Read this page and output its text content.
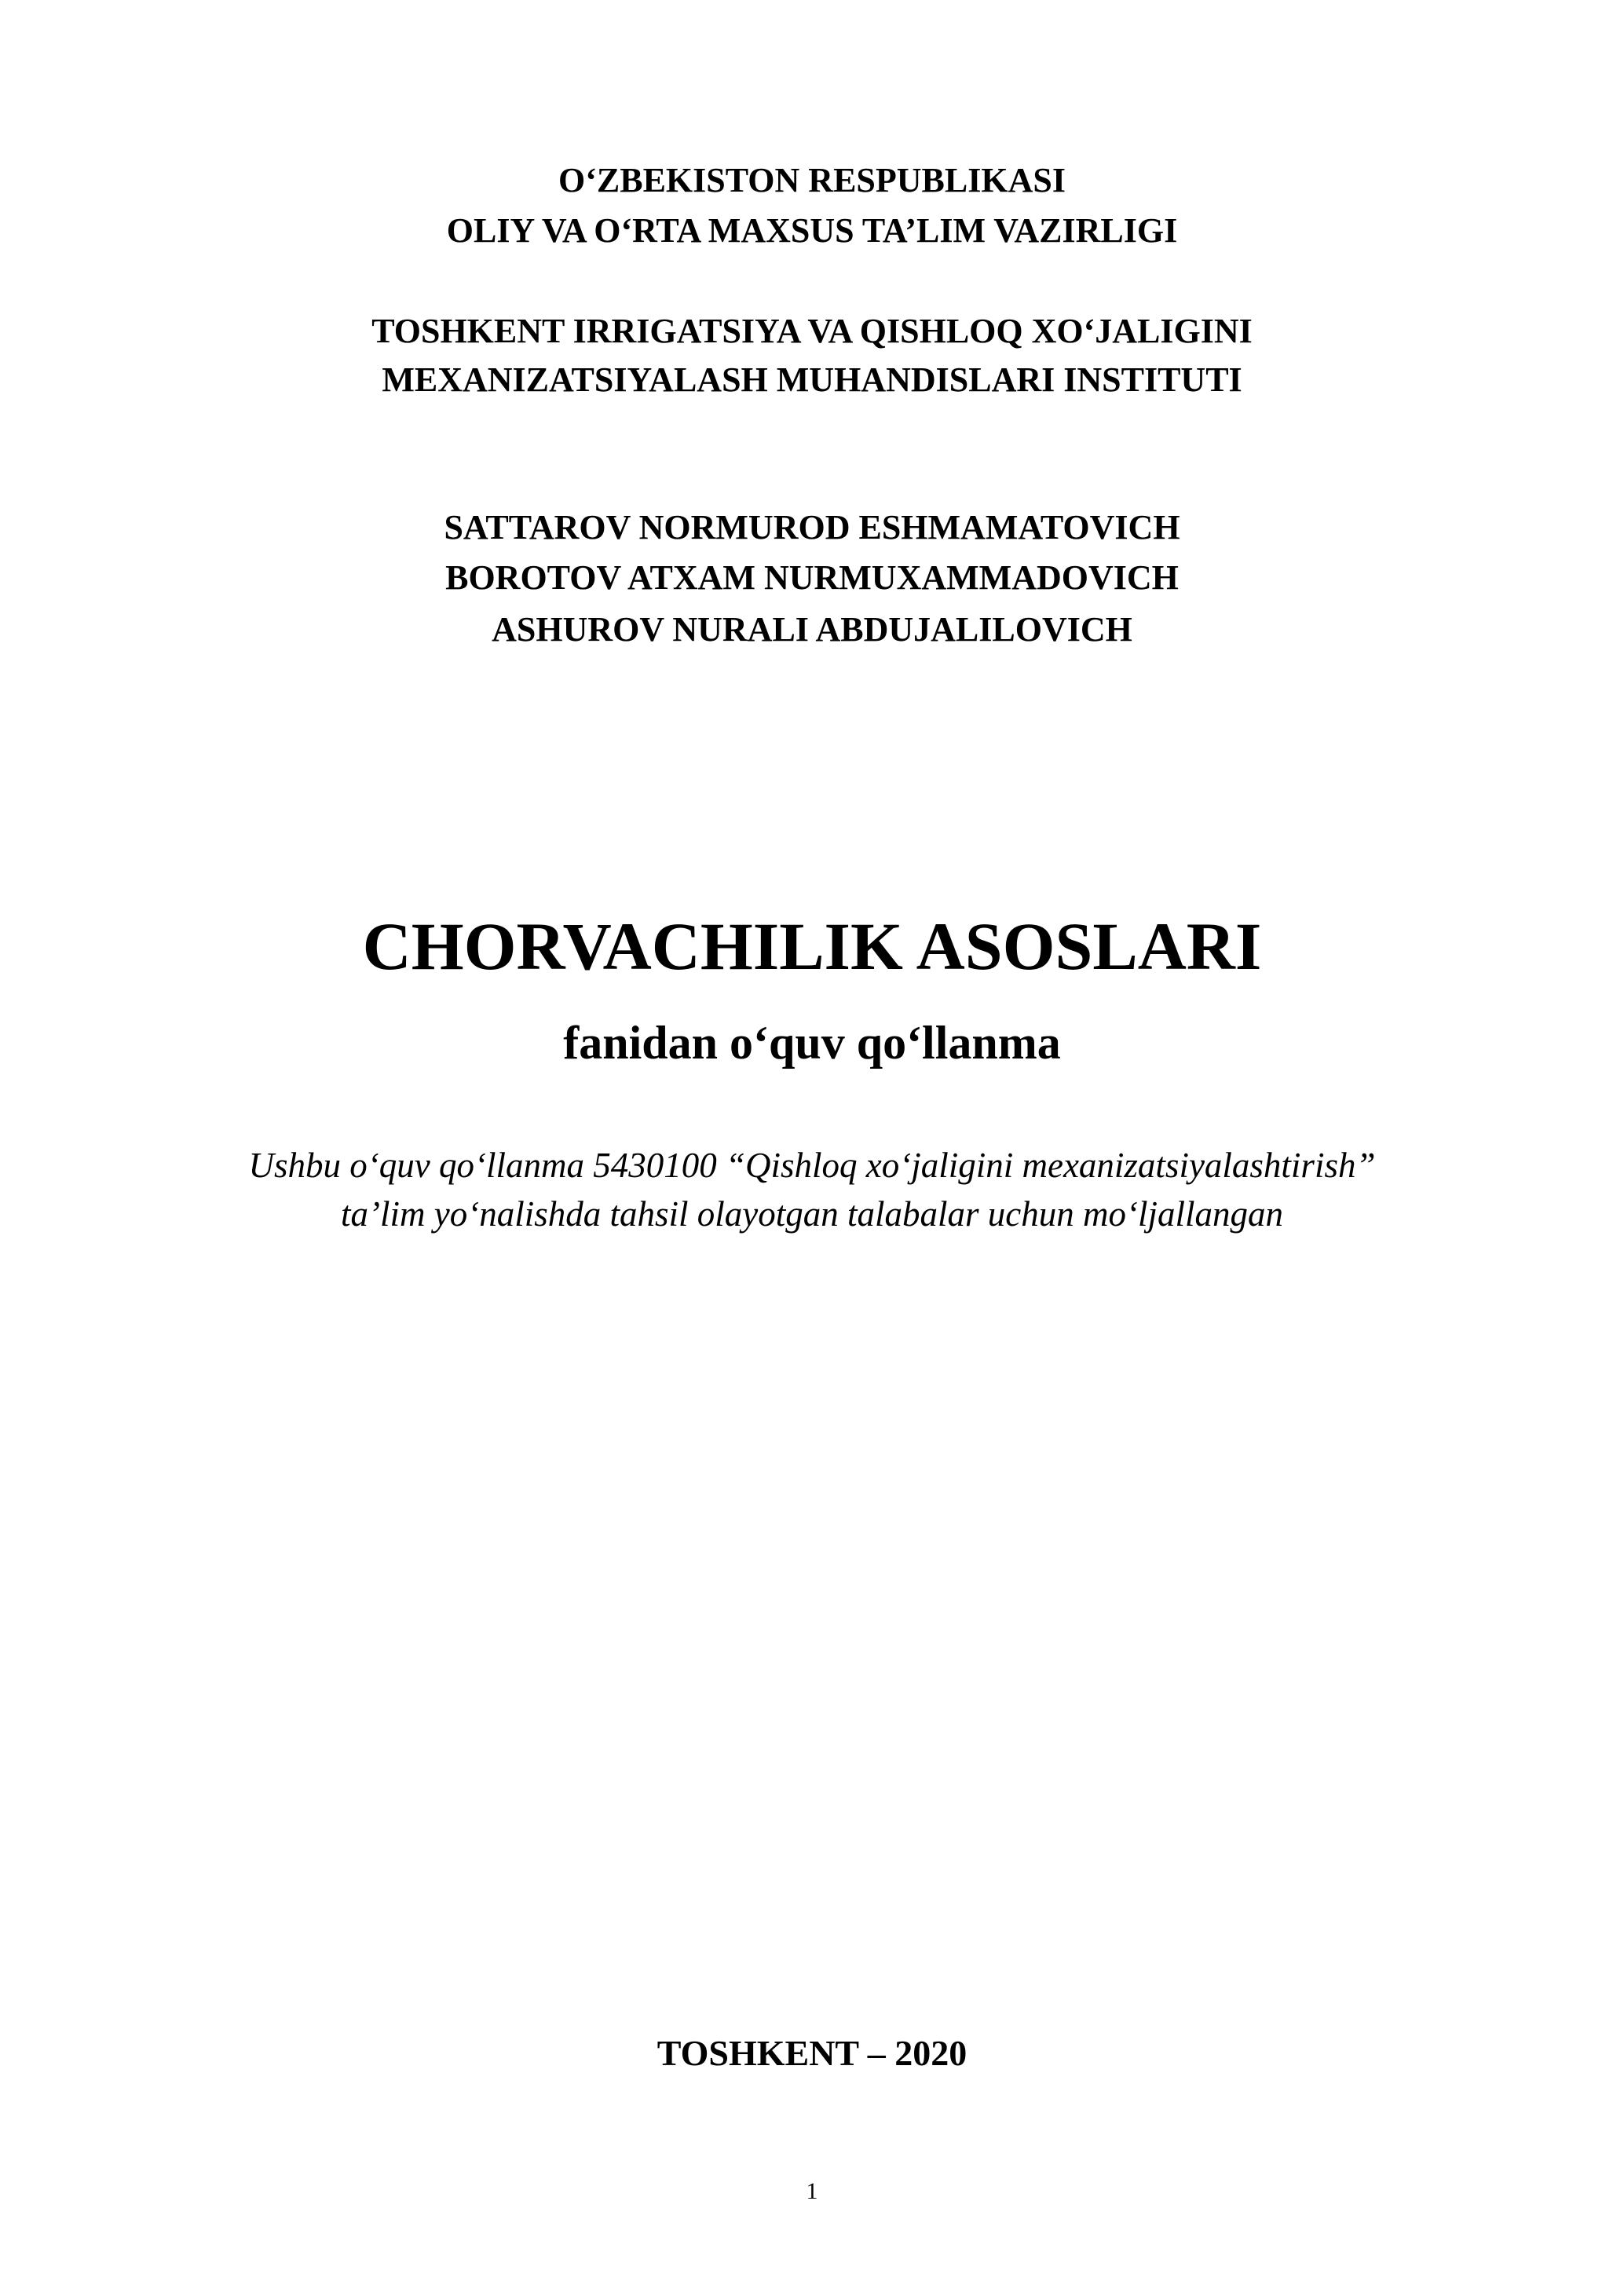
O‘ZBEKISTON RESPUBLIKASI
OLIY VA O‘RTA MAXSUS TA’LIM VAZIRLIGI
TOSHKENT IRRIGATSIYA VA QISHLOQ XO‘JALIGINI
MEXANIZATSIYALASH MUHANDISLARI INSTITUTI
SATTAROV NORMUROD ESHMAMATOVICH
BOROTOV ATXAM NURMUXAMMADOVICH
ASHUROV NURALI ABDUJALILOVICH
CHORVACHILIK ASOSLARI
fanidan o‘quv qo‘llanma
Ushbu o‘quv qo‘llanma 5430100 “Qishloq xo‘jaligini mexanizatsiyalashtirish”
ta’lim yo‘nalishda tahsil olayotgan talabalar uchun mo‘ljallangan
TOSHKENT – 2020
1
